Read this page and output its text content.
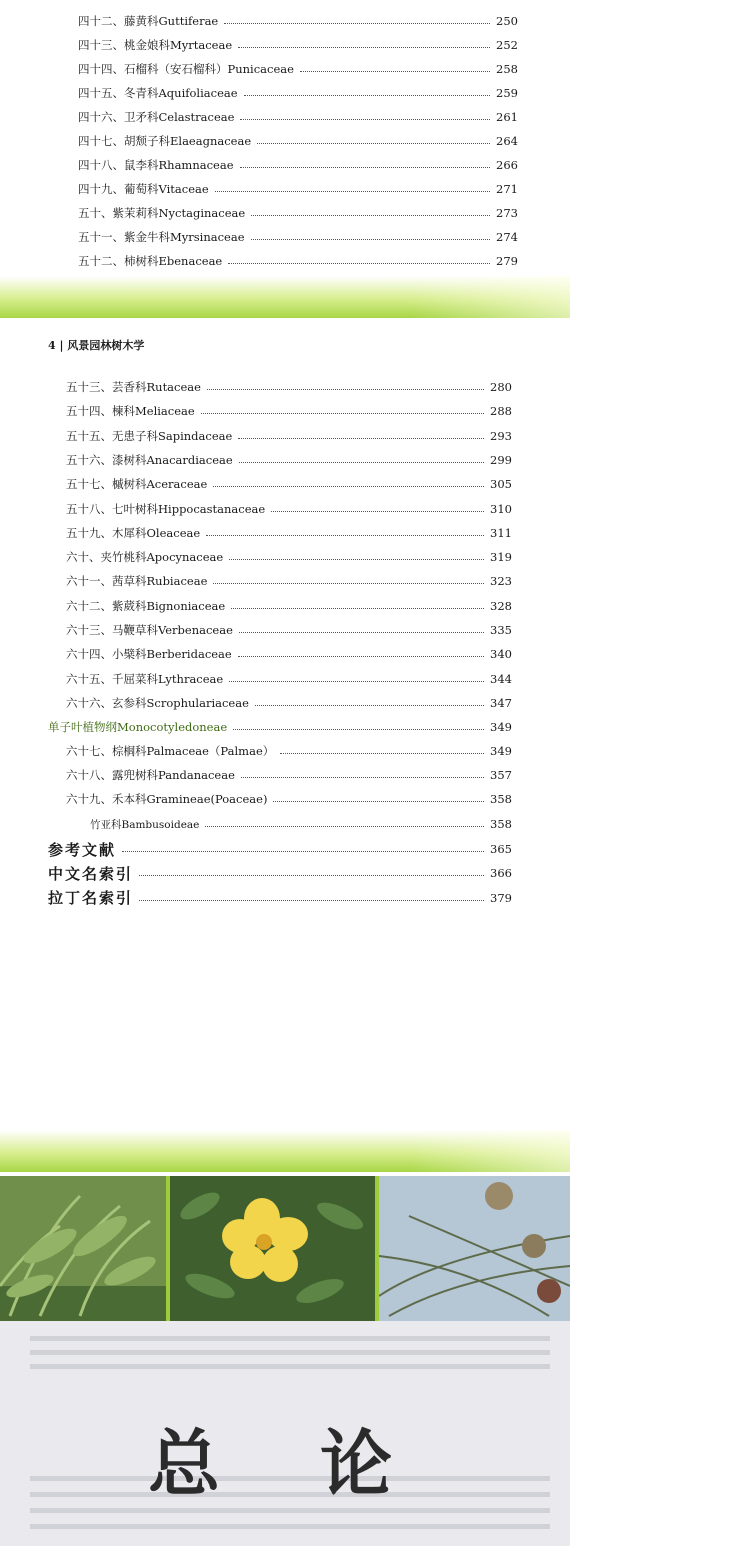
四十二、藤黄科Guttiferae	250
四十三、桃金娘科Myrtaceae	252
四十四、石榴科（安石榴科）Punicaceae	258
四十五、冬青科Aquifoliaceae	259
四十六、卫矛科Celastraceae	261
四十七、胡颓子科Elaeagnaceae	264
四十八、鼠李科Rhamnaceae	266
四十九、葡萄科Vitaceae	271
五十、紫茉莉科Nyctaginaceae	273
五十一、紫金牛科Myrsinaceae	274
五十二、柿树科Ebenaceae	279
4 | 风景园林树木学
五十三、芸香科Rutaceae	280
五十四、楝科Meliaceae	288
五十五、无患子科Sapindaceae	293
五十六、漆树科Anacardiaceae	299
五十七、槭树科Aceraceae	305
五十八、七叶树科Hippocastanaceae	310
五十九、木犀科Oleaceae	311
六十、夹竹桃科Apocynaceae	319
六十一、茜草科Rubiaceae	323
六十二、紫葳科Bignoniaceae	328
六十三、马鞭草科Verbenaceae	335
六十四、小檗科Berberidaceae	340
六十五、千屈菜科Lythraceae	344
六十六、玄参科Scrophulariaceae	347
单子叶植物纲Monocotyledoneae	349
六十七、棕榈科Palmaceae（Palmae）	349
六十八、露兜树科Pandanaceae	357
六十九、禾本科Gramineae(Poaceae)	358
竹亚科Bambusoideae	358
参考文献	365
中文名索引	366
拉丁名索引	379
总 论
